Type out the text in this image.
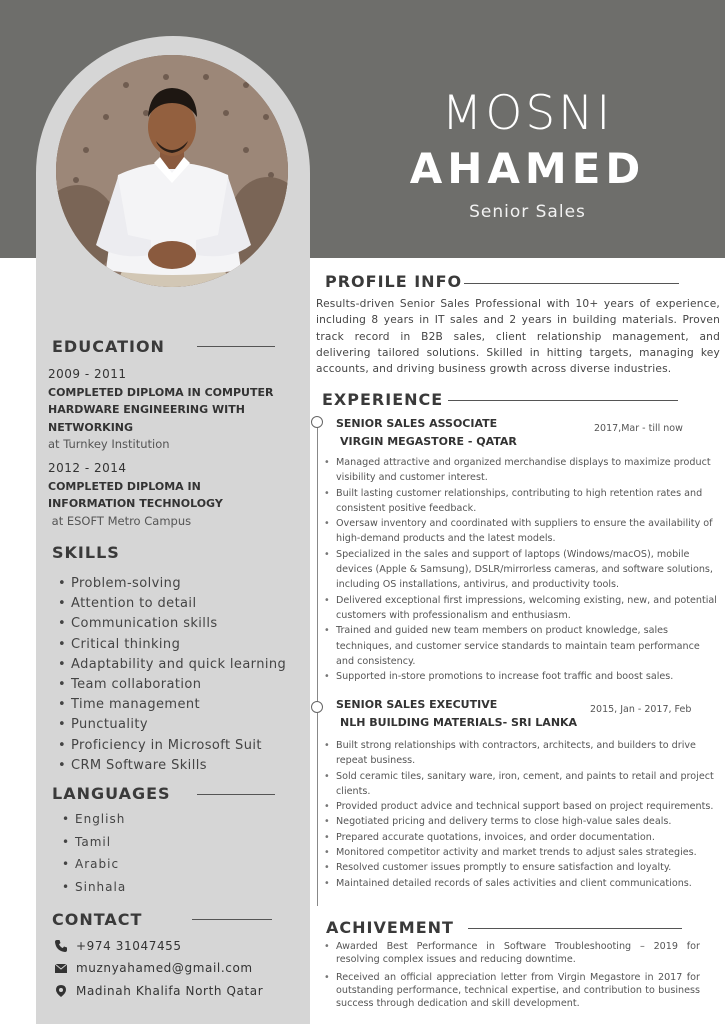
MOSNI
AHAMED
Senior Sales
EDUCATION
2009 - 2011
COMPLETED DIPLOMA IN COMPUTER
HARDWARE ENGINEERING WITH
NETWORKING
at Turnkey Institution
2012 - 2014
COMPLETED DIPLOMA IN
INFORMATION TECHNOLOGY
at ESOFT Metro Campus
SKILLS
• Problem-solving
• Attention to detail
• Communication skills
• Critical thinking
• Adaptability and quick learning
• Team collaboration
• Time management
• Punctuality
• Proficiency in Microsoft Suit
• CRM Software Skills
LANGUAGES
• English
• Tamil
• Arabic
• Sinhala
CONTACT
+974 31047455
muznyahamed@gmail.com
Madinah Khalifa North Qatar
PROFILE INFO
Results-driven Senior Sales Professional with 10+ years of experience, including 8 years in IT sales and 2 years in building materials. Proven track record in B2B sales, client relationship management, and delivering tailored solutions. Skilled in hitting targets, managing key accounts, and driving business growth across diverse industries.
EXPERIENCE
SENIOR SALES ASSOCIATE	2017,Mar - till now
VIRGIN MEGASTORE - QATAR
• Managed attractive and organized merchandise displays to maximize product visibility and customer interest.
• Built lasting customer relationships, contributing to high retention rates and consistent positive feedback.
• Oversaw inventory and coordinated with suppliers to ensure the availability of high-demand products and the latest models.
• Specialized in the sales and support of laptops (Windows/macOS), mobile devices (Apple & Samsung), DSLR/mirrorless cameras, and software solutions, including OS installations, antivirus, and productivity tools.
• Delivered exceptional first impressions, welcoming existing, new, and potential customers with professionalism and enthusiasm.
• Trained and guided new team members on product knowledge, sales techniques, and customer service standards to maintain team performance and consistency.
• Supported in-store promotions to increase foot traffic and boost sales.
SENIOR SALES EXECUTIVE	2015, Jan - 2017, Feb
NLH BUILDING MATERIALS- SRI LANKA
• Built strong relationships with contractors, architects, and builders to drive repeat business.
• Sold ceramic tiles, sanitary ware, iron, cement, and paints to retail and project clients.
• Provided product advice and technical support based on project requirements.
• Negotiated pricing and delivery terms to close high-value sales deals.
• Prepared accurate quotations, invoices, and order documentation.
• Monitored competitor activity and market trends to adjust sales strategies.
• Resolved customer issues promptly to ensure satisfaction and loyalty.
• Maintained detailed records of sales activities and client communications.
ACHIVEMENT
• Awarded Best Performance in Software Troubleshooting – 2019 for resolving complex issues and reducing downtime.
• Received an official appreciation letter from Virgin Megastore in 2017 for outstanding performance, technical expertise, and contribution to business success through dedication and skill development.
